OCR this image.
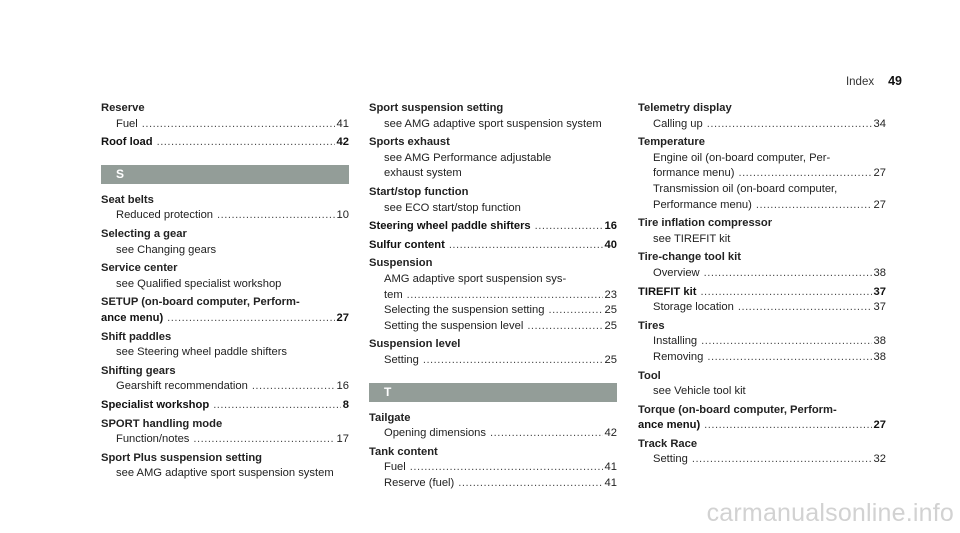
Index 49
Reserve
Fuel .....	41
Roof load .....	42
S
Seat belts
Reduced protection .....	10
Selecting a gear
see Changing gears
Service center
see Qualified specialist workshop
SETUP (on-board computer, Perform-
ance menu) .....	27
Shift paddles
see Steering wheel paddle shifters
Shifting gears
Gearshift recommendation .....	16
Specialist workshop .....	8
SPORT handling mode
Function/notes .....	17
Sport Plus suspension setting
see AMG adaptive sport suspension system
Sport suspension setting
see AMG adaptive sport suspension system
Sports exhaust
see AMG Performance adjustable
exhaust system
Start/stop function
see ECO start/stop function
Steering wheel paddle shifters .....	16
Sulfur content .....	40
Suspension
AMG adaptive sport suspension sys-
tem .....	23
Selecting the suspension setting .....	25
Setting the suspension level .....	25
Suspension level
Setting .....	25
T
Tailgate
Opening dimensions .....	42
Tank content
Fuel .....	41
Reserve (fuel) .....	41
Telemetry display
Calling up .....	34
Temperature
Engine oil (on-board computer, Per-
formance menu) .....	27
Transmission oil (on-board computer,
Performance menu) .....	27
Tire inflation compressor
see TIREFIT kit
Tire-change tool kit
Overview .....	38
TIREFIT kit .....	37
Storage location .....	37
Tires
Installing .....	38
Removing .....	38
Tool
see Vehicle tool kit
Torque (on-board computer, Perform-
ance menu) .....	27
Track Race
Setting .....	32
carmanualsonline.info
